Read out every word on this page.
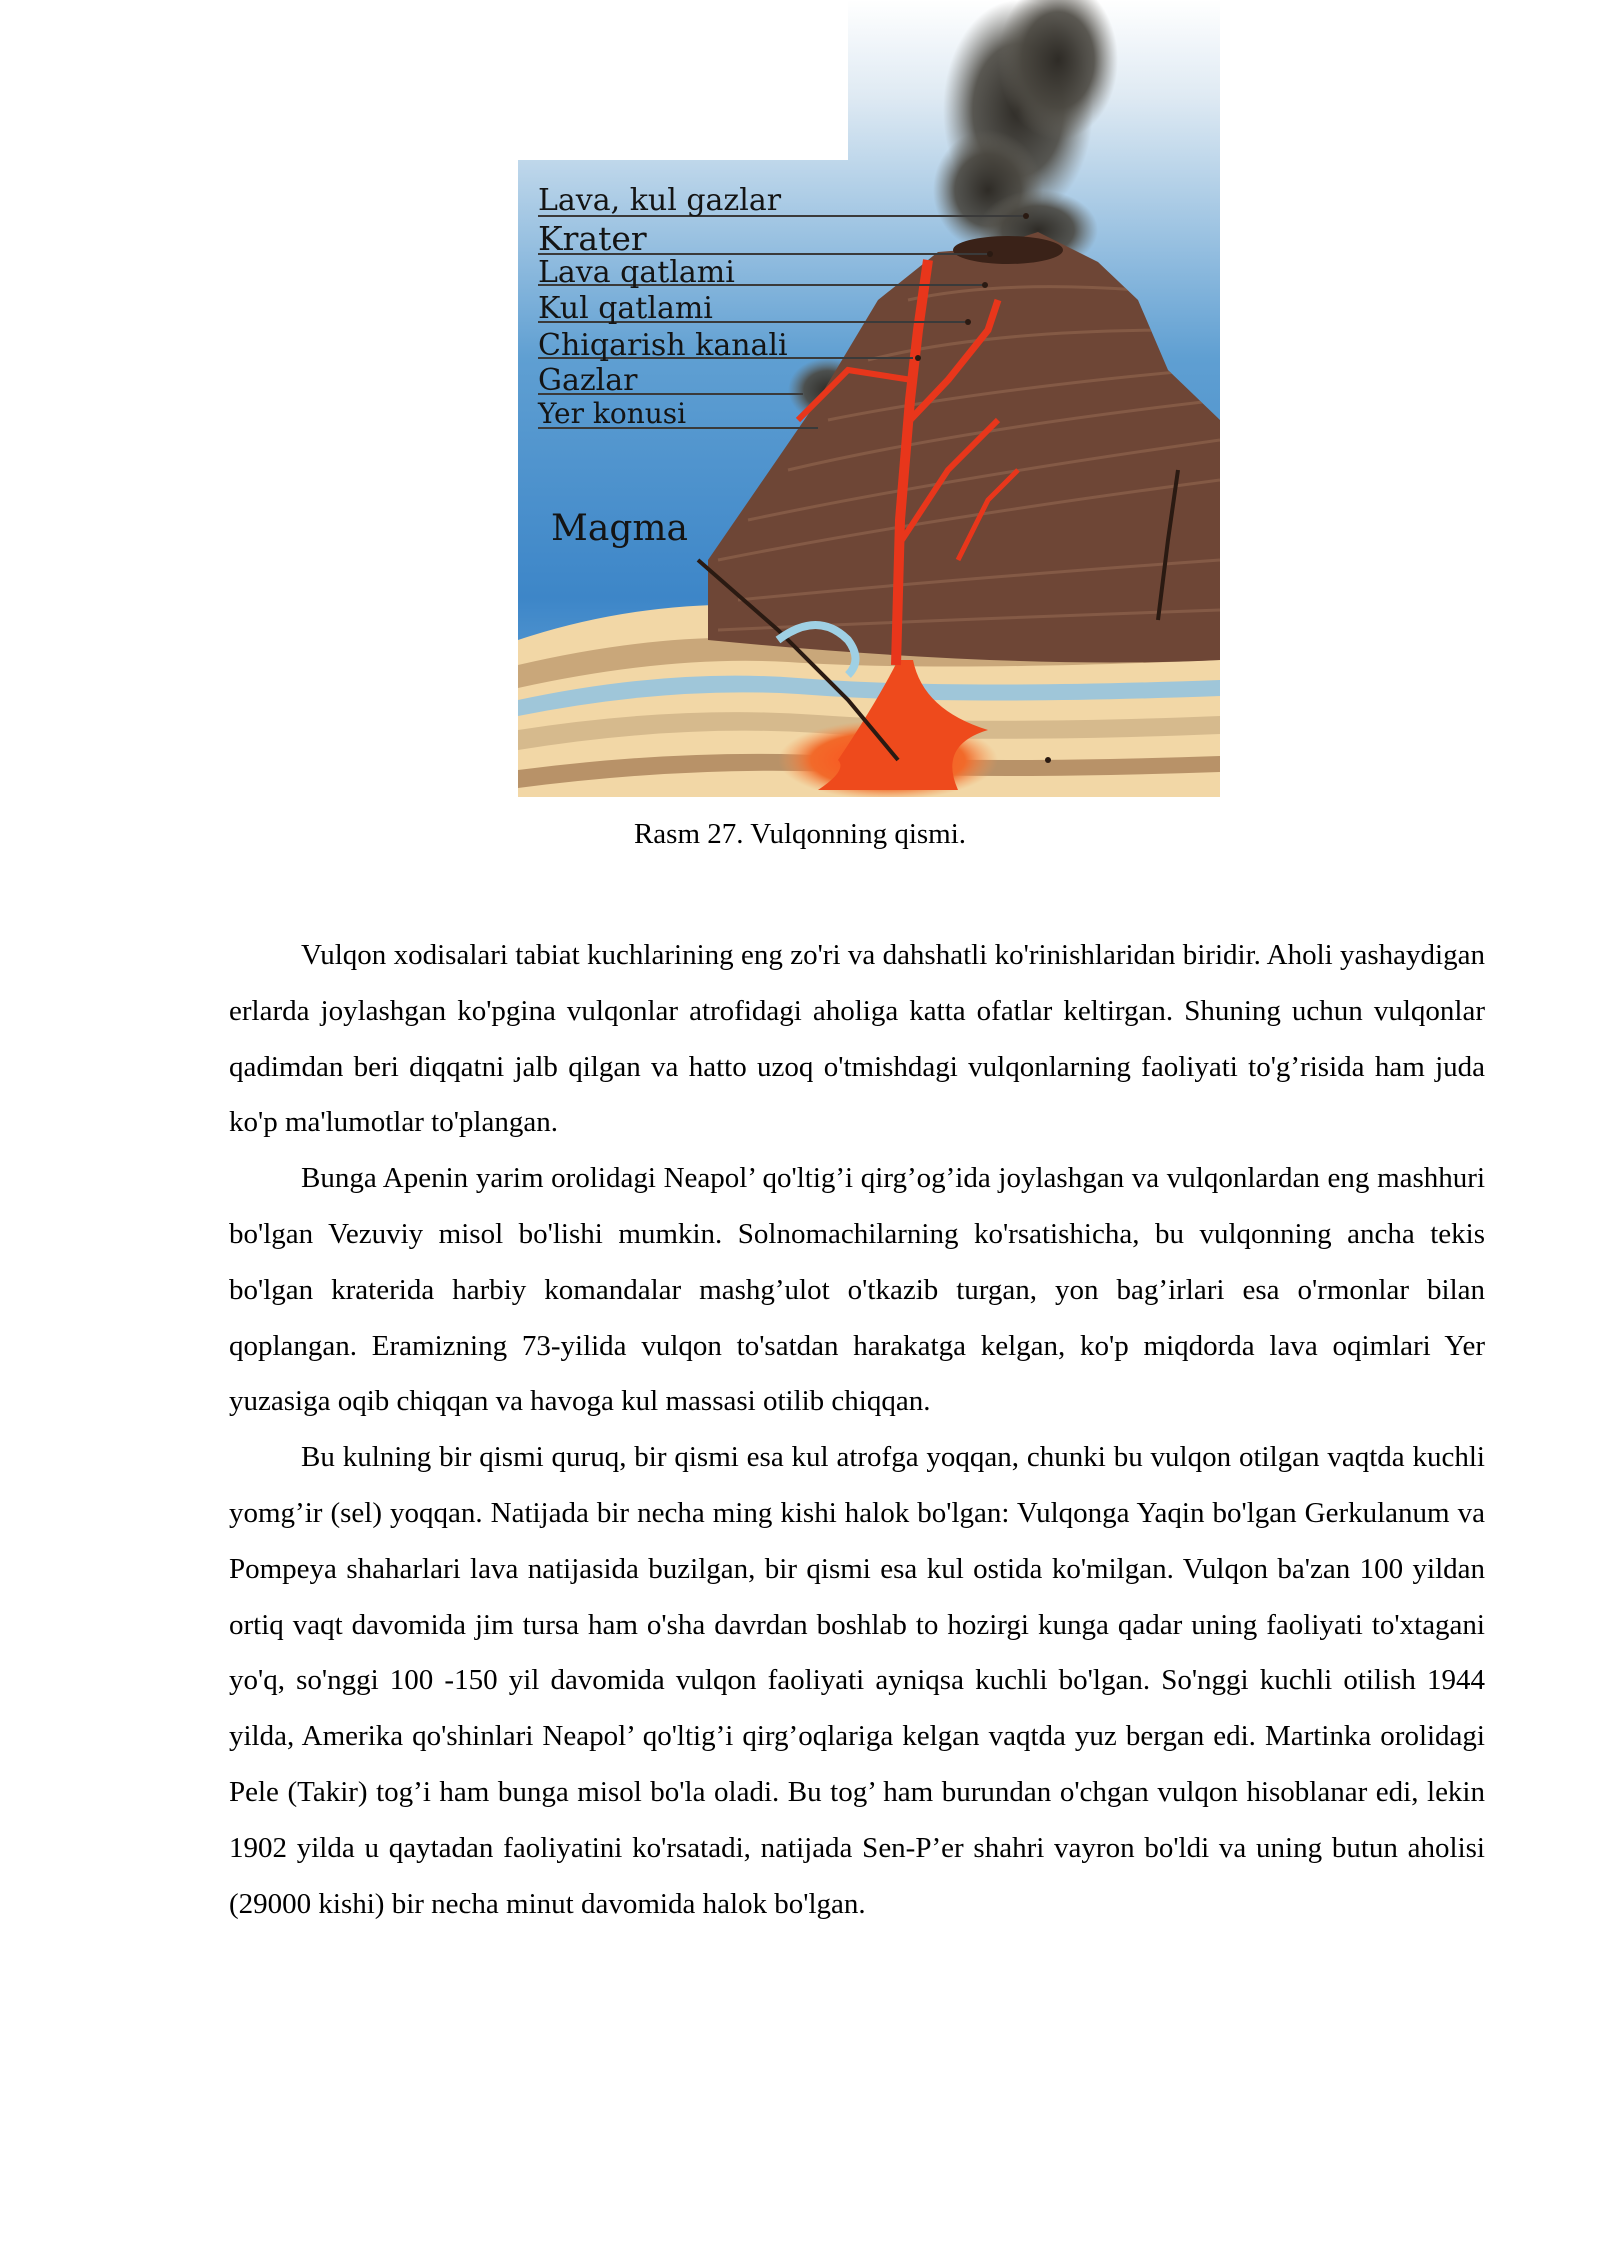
Lava, kul gazlar
Krater
Lava qatlami
Kul qatlami
Chiqarish kanali
Gazlar
Yer konusi
Magma
Rasm 27. Vulqonning qismi.

Vulqon xodisalari tabiat kuchlarining eng zo'ri va dahshatli ko'rinishlaridan biridir. Aholi yashaydigan erlarda joylashgan ko'pgina vulqonlar atrofidagi aholiga katta ofatlar keltirgan. Shuning uchun vulqonlar qadimdan beri diqqatni jalb qilgan va hatto uzoq o'tmishdagi vulqonlarning faoliyati to'g’risida ham juda ko'p ma'lumotlar to'plangan.

Bunga Apenin yarim orolidagi Neapol’ qo'ltig’i qirg’og’ida joylashgan va vulqonlardan eng mashhuri bo'lgan Vezuviy misol bo'lishi mumkin. Solnomachilarning ko'rsatishicha, bu vulqonning ancha tekis bo'lgan kraterida harbiy komandalar mashg’ulot o'tkazib turgan, yon bag’irlari esa o'rmonlar bilan qoplangan. Eramizning 73-yilida vulqon to'satdan harakatga kelgan, ko'p miqdorda lava oqimlari Yer yuzasiga oqib chiqqan va havoga kul massasi otilib chiqqan.

Bu kulning bir qismi quruq, bir qismi esa kul atrofga yoqqan, chunki bu vulqon otilgan vaqtda kuchli yomg’ir (sel) yoqqan. Natijada bir necha ming kishi halok bo'lgan: Vulqonga Yaqin bo'lgan Gerkulanum va Pompeya shaharlari lava natijasida buzilgan, bir qismi esa kul ostida ko'milgan. Vulqon ba'zan 100 yildan ortiq vaqt davomida jim tursa ham o'sha davrdan boshlab to hozirgi kunga qadar uning faoliyati to'xtagani yo'q, so'nggi 100 -150 yil davomida vulqon faoliyati ayniqsa kuchli bo'lgan. So'nggi kuchli otilish 1944 yilda, Amerika qo'shinlari Neapol’ qo'ltig’i qirg’oqlariga kelgan vaqtda yuz bergan edi. Martinka orolidagi Pele (Takir) tog’i ham bunga misol bo'la oladi. Bu tog’ ham burundan o'chgan vulqon hisoblanar edi, lekin 1902 yilda u qaytadan faoliyatini ko'rsatadi, natijada Sen-P’er shahri vayron bo'ldi va uning butun aholisi (29000 kishi) bir necha minut davomida halok bo'lgan.
